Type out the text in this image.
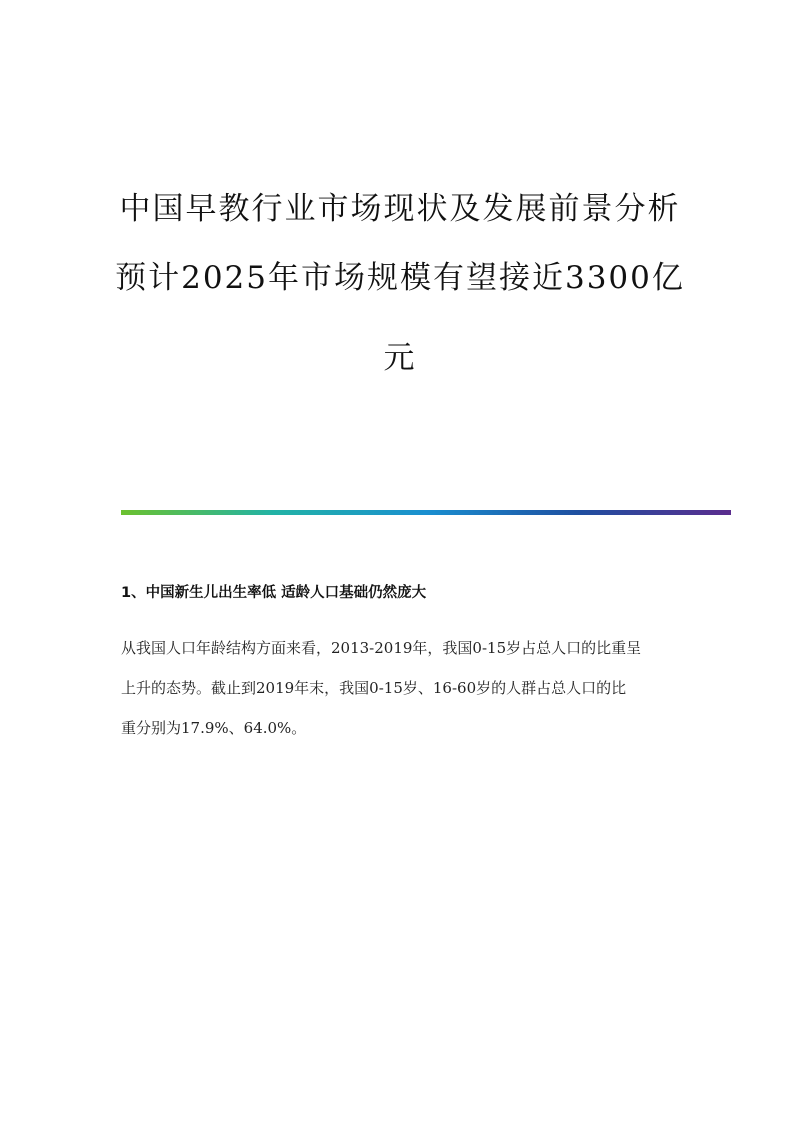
中国早教行业市场现状及发展前景分析
预计2025年市场规模有望接近3300亿
元
1、中国新生儿出生率低 适龄人口基础仍然庞大
从我国人口年龄结构方面来看，2013-2019年，我国0-15岁占总人口的比重呈
上升的态势。截止到2019年末，我国0-15岁、16-60岁的人群占总人口的比
重分别为17.9%、64.0%。
